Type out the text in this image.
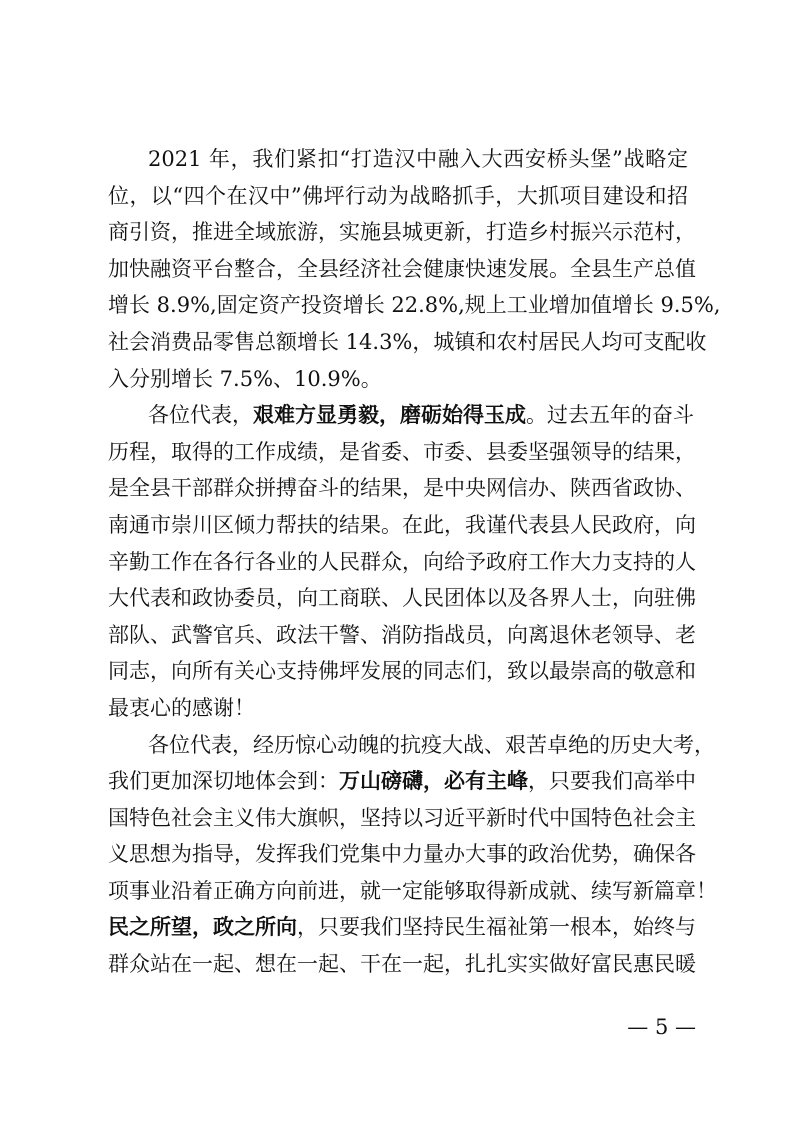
2021 年，我们紧扣“打造汉中融入大西安桥头堡”战略定
位，以“四个在汉中”佛坪行动为战略抓手，大抓项目建设和招
商引资，推进全域旅游，实施县城更新，打造乡村振兴示范村，
加快融资平台整合，全县经济社会健康快速发展。全县生产总值
增长 8.9%,固定资产投资增长 22.8%,规上工业增加值增长 9.5%,
社会消费品零售总额增长 14.3%，城镇和农村居民人均可支配收
入分别增长 7.5%、10.9%。
各位代表，艰难方显勇毅，磨砺始得玉成。过去五年的奋斗
历程，取得的工作成绩，是省委、市委、县委坚强领导的结果，
是全县干部群众拼搏奋斗的结果，是中央网信办、陕西省政协、
南通市崇川区倾力帮扶的结果。在此，我谨代表县人民政府，向
辛勤工作在各行各业的人民群众，向给予政府工作大力支持的人
大代表和政协委员，向工商联、人民团体以及各界人士，向驻佛
部队、武警官兵、政法干警、消防指战员，向离退休老领导、老
同志，向所有关心支持佛坪发展的同志们，致以最崇高的敬意和
最衷心的感谢！
各位代表，经历惊心动魄的抗疫大战、艰苦卓绝的历史大考，
我们更加深切地体会到：万山磅礴，必有主峰，只要我们高举中
国特色社会主义伟大旗帜，坚持以习近平新时代中国特色社会主
义思想为指导，发挥我们党集中力量办大事的政治优势，确保各
项事业沿着正确方向前进，就一定能够取得新成就、续写新篇章！
民之所望，政之所向，只要我们坚持民生福祉第一根本，始终与
群众站在一起、想在一起、干在一起，扎扎实实做好富民惠民暖
— 5 —
